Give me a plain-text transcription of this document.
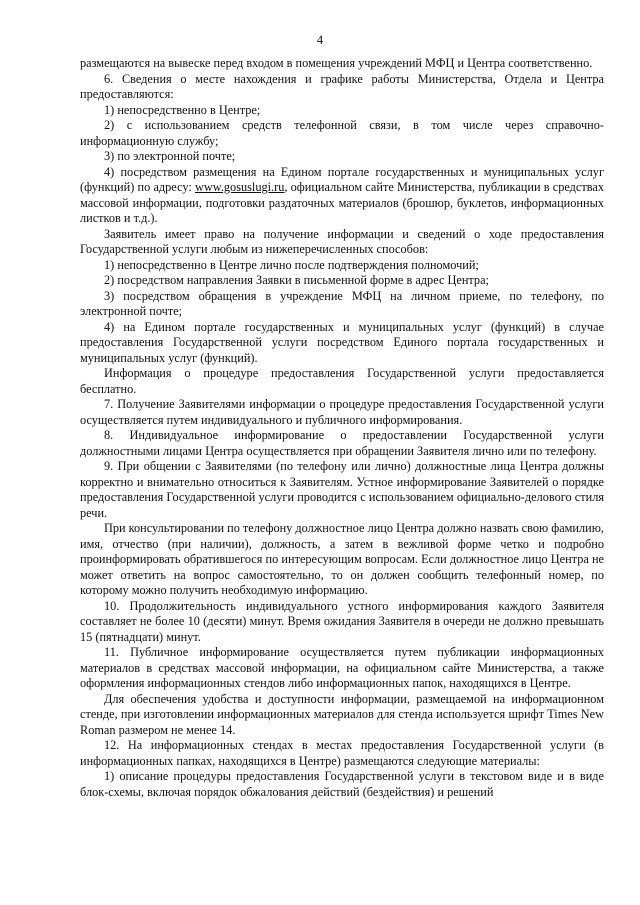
4

размещаются на вывеске перед входом в помещения учреждений МФЦ и Центра соответственно.

6. Сведения о месте нахождения и графике работы Министерства, Отдела и Центра предоставляются:

1) непосредственно в Центре;

2) с использованием средств телефонной связи, в том числе через справочно-информационную службу;

3) по электронной почте;

4) посредством размещения на Едином портале государственных и муниципальных услуг (функций) по адресу: www.gosuslugi.ru, официальном сайте Министерства, публикации в средствах массовой информации, подготовки раздаточных материалов (брошюр, буклетов, информационных листков и т.д.).

Заявитель имеет право на получение информации и сведений о ходе предоставления Государственной услуги любым из нижеперечисленных способов:

1) непосредственно в Центре лично после подтверждения полномочий;

2) посредством направления Заявки в письменной форме в адрес Центра;

3) посредством обращения в учреждение МФЦ на личном приеме, по телефону, по электронной почте;

4) на Едином портале государственных и муниципальных услуг (функций) в случае предоставления Государственной услуги посредством Единого портала государственных и муниципальных услуг (функций).

Информация о процедуре предоставления Государственной услуги предоставляется бесплатно.

7. Получение Заявителями информации о процедуре предоставления Государственной услуги осуществляется путем индивидуального и публичного информирования.

8. Индивидуальное информирование о предоставлении Государственной услуги должностными лицами Центра осуществляется при обращении Заявителя лично или по телефону.

9. При общении с Заявителями (по телефону или лично) должностные лица Центра должны корректно и внимательно относиться к Заявителям. Устное информирование Заявителей о порядке предоставления Государственной услуги проводится с использованием официально-делового стиля речи.

При консультировании по телефону должностное лицо Центра должно назвать свою фамилию, имя, отчество (при наличии), должность, а затем в вежливой форме четко и подробно проинформировать обратившегося по интересующим вопросам. Если должностное лицо Центра не может ответить на вопрос самостоятельно, то он должен сообщить телефонный номер, по которому можно получить необходимую информацию.

10. Продолжительность индивидуального устного информирования каждого Заявителя составляет не более 10 (десяти) минут. Время ожидания Заявителя в очереди не должно превышать 15 (пятнадцати) минут.

11. Публичное информирование осуществляется путем публикации информационных материалов в средствах массовой информации, на официальном сайте Министерства, а также оформления информационных стендов либо информационных папок, находящихся в Центре.

Для обеспечения удобства и доступности информации, размещаемой на информационном стенде, при изготовлении информационных материалов для стенда используется шрифт Times New Roman размером не менее 14.

12. На информационных стендах в местах предоставления Государственной услуги (в информационных папках, находящихся в Центре) размещаются следующие материалы:

1) описание процедуры предоставления Государственной услуги в текстовом виде и в виде блок-схемы, включая порядок обжалования действий (бездействия) и решений
